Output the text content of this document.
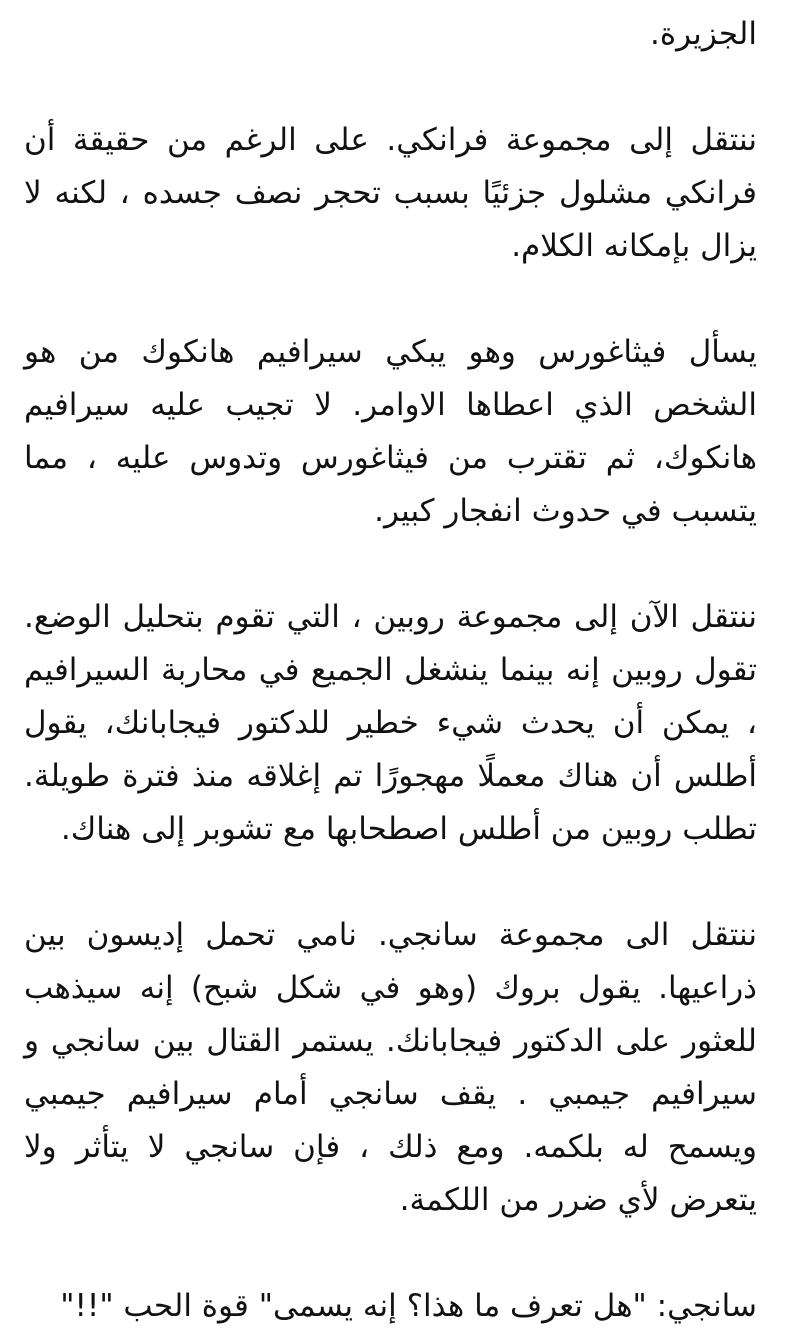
الجزيرة.

ننتقل إلى مجموعة فرانكي. على الرغم من حقيقة أن فرانكي مشلول جزئيًا بسبب تحجر نصف جسده ، لكنه لا يزال بإمكانه الكلام.

يسأل فيثاغورس وهو يبكي سيرافيم هانكوك من هو الشخص الذي اعطاها الاوامر. لا تجيب عليه سيرافيم هانكوك، ثم تقترب من فيثاغورس وتدوس عليه ، مما يتسبب في حدوث انفجار كبير.

ننتقل الآن إلى مجموعة روبين ، التي تقوم بتحليل الوضع. تقول روبين إنه بينما ينشغل الجميع في محاربة السيرافيم ، يمكن أن يحدث شيء خطير للدكتور فيجابانك، يقول أطلس أن هناك معملًا مهجورًا تم إغلاقه منذ فترة طويلة. تطلب روبين من أطلس اصطحابها مع تشوبر إلى هناك.

ننتقل الى مجموعة سانجي. نامي تحمل إديسون بين ذراعيها. يقول بروك (وهو في شكل شبح) إنه سيذهب للعثور على الدكتور فيجابانك. يستمر القتال بين سانجي و سيرافيم جيمبي . يقف سانجي أمام سيرافيم جيمبي ويسمح له بلكمه. ومع ذلك ، فإن سانجي لا يتأثر ولا يتعرض لأي ضرر من اللكمة.

سانجي: "هل تعرف ما هذا؟ إنه يسمى" قوة الحب "!!"
